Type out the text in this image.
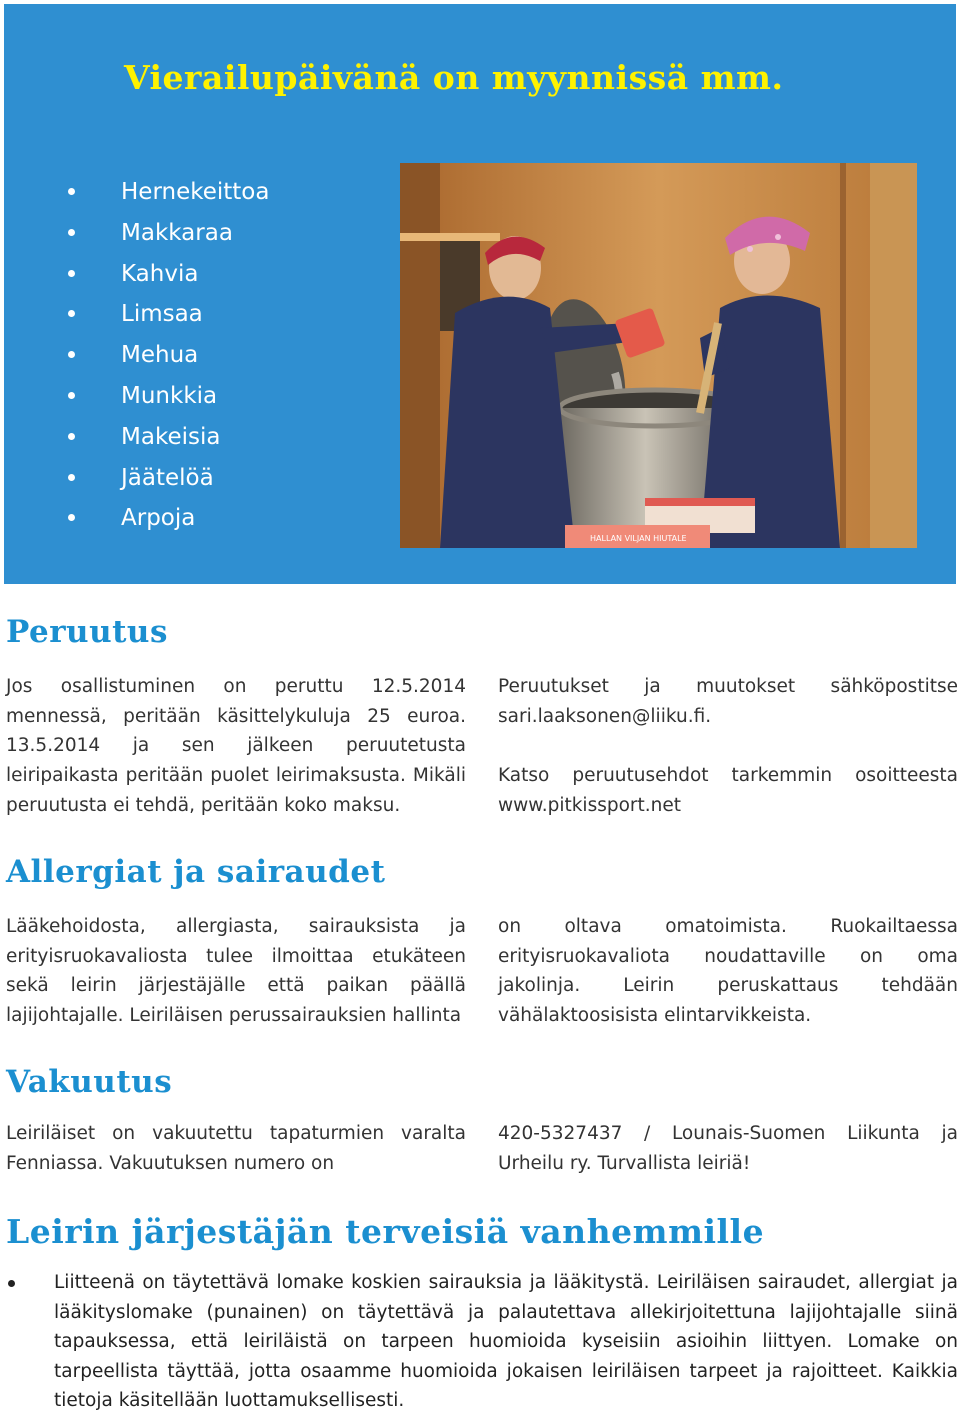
Vierailupäivänä on myynnissä mm.
Hernekeittoa
Makkaraa
Kahvia
Limsaa
Mehua
Munkkia
Makeisia
Jäätelöä
Arpoja
HALLAN VILJAN HIUTALE
Peruutus

Jos osallistuminen on peruttu 12.5.2014 mennessä, peritään käsittelykuluja 25 euroa. 13.5.2014 ja sen jälkeen peruutetusta leiripaikasta peritään puolet leirimaksusta. Mikäli peruutusta ei tehdä, peritään koko maksu.

Peruutukset ja muutokset sähköpostitse sari.laaksonen@liiku.fi.

Katso peruutusehdot tarkemmin osoitteesta www.pitkissport.net

Allergiat ja sairaudet

Lääkehoidosta, allergiasta, sairauksista ja erityisruokavaliosta tulee ilmoittaa etukäteen sekä leirin järjestäjälle että paikan päällä lajijohtajalle. Leiriläisen perussairauksien hallinta

on oltava omatoimista. Ruokailtaessa erityisruokavaliota noudattaville on oma jakolinja. Leirin peruskattaus tehdään vähälaktoosisista elintarvikkeista.

Vakuutus

Leiriläiset on vakuutettu tapaturmien varalta Fenniassa. Vakuutuksen numero on

420-5327437 / Lounais-Suomen Liikunta ja Urheilu ry. Turvallista leiriä!

Leirin järjestäjän terveisiä vanhemmille
Liitteenä on täytettävä lomake koskien sairauksia ja lääkitystä. Leiriläisen sairaudet, allergiat ja lääkityslomake (punainen) on täytettävä ja palautettava allekirjoitettuna lajijohtajalle siinä tapauksessa, että leiriläistä on tarpeen huomioida kyseisiin asioihin liittyen. Lomake on tarpeellista täyttää, jotta osaamme huomioida jokaisen leiriläisen tarpeet ja rajoitteet. Kaikkia tietoja käsitellään luottamuksellisesti.
